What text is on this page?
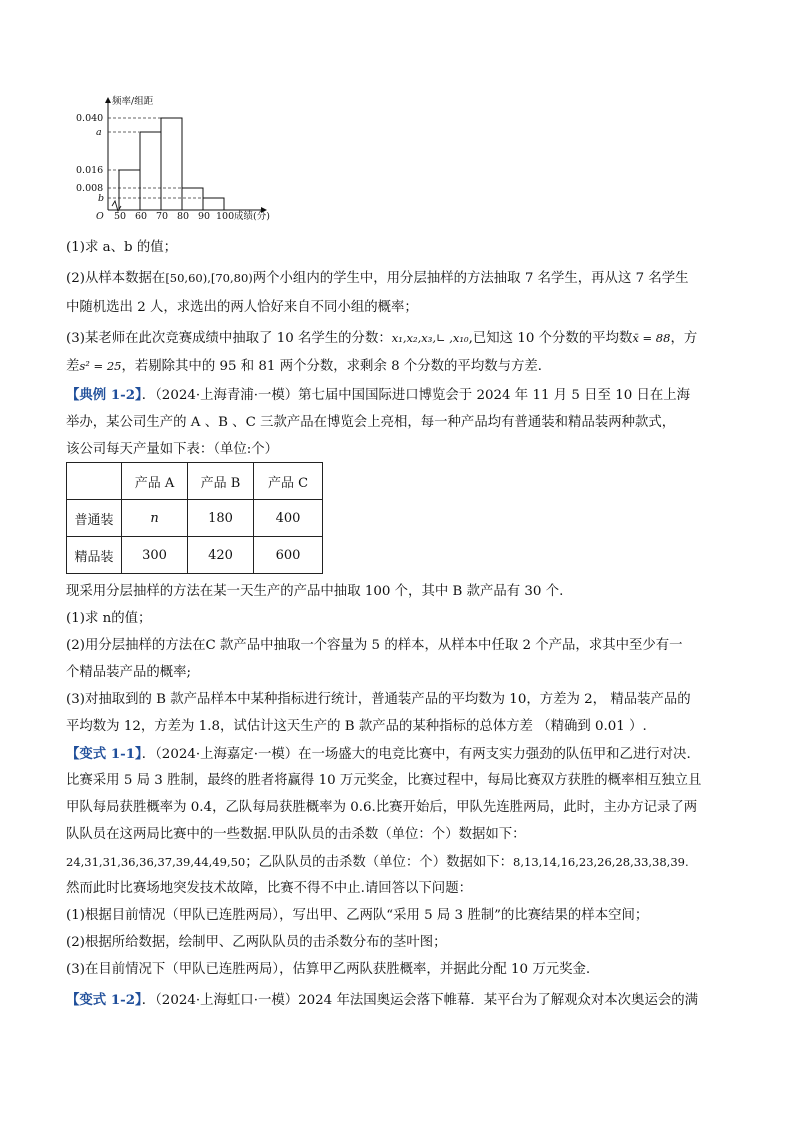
频率/组距
0.040
a
0.016
0.008
b
O 50 60 70 80 90 100 成绩(分)
(1)求 a、b 的值；
(2)从样本数据在[50,60),[70,80)两个小组内的学生中，用分层抽样的方法抽取 7 名学生，再从这 7 名学生
中随机选出 2 人，求选出的两人恰好来自不同小组的概率；
(3)某老师在此次竞赛成绩中抽取了 10 名学生的分数：x₁,x₂,x₃,∟ ,x₁₀,已知这 10 个分数的平均数x̄ = 88，方
差s² = 25，若剔除其中的 95 和 81 两个分数，求剩余 8 个分数的平均数与方差．
【典例 1-2】．（2024·上海青浦·一模）第七届中国国际进口博览会于 2024 年 11 月 5 日至 10 日在上海
举办，某公司生产的 A 、B 、C 三款产品在博览会上亮相，每一种产品均有普通装和精品装两种款式，
该公司每天产量如下表：（单位:个）
	产品 A	产品 B	产品 C
普通装	n	180	400
精品装	300	420	600
现采用分层抽样的方法在某一天生产的产品中抽取 100 个，其中 B 款产品有 30 个.
(1)求 n的值；
(2)用分层抽样的方法在C 款产品中抽取一个容量为 5 的样本，从样本中任取 2 个产品，求其中至少有一
个精品装产品的概率;
(3)对抽取到的 B 款产品样本中某种指标进行统计，普通装产品的平均数为 10，方差为 2， 精品装产品的
平均数为 12，方差为 1.8，试估计这天生产的 B 款产品的某种指标的总体方差 （精确到 0.01 ）.
【变式 1-1】．（2024·上海嘉定·一模）在一场盛大的电竞比赛中，有两支实力强劲的队伍甲和乙进行对决.
比赛采用 5 局 3 胜制，最终的胜者将赢得 10 万元奖金，比赛过程中，每局比赛双方获胜的概率相互独立且
甲队每局获胜概率为 0.4，乙队每局获胜概率为 0.6.比赛开始后，甲队先连胜两局，此时，主办方记录了两
队队员在这两局比赛中的一些数据.甲队队员的击杀数（单位：个）数据如下：
24,31,31,36,36,37,39,44,49,50；乙队队员的击杀数（单位：个）数据如下：8,13,14,16,23,26,28,33,38,39.
然而此时比赛场地突发技术故障，比赛不得不中止.请回答以下问题：
(1)根据目前情况（甲队已连胜两局），写出甲、乙两队“采用 5 局 3 胜制”的比赛结果的样本空间；
(2)根据所给数据，绘制甲、乙两队队员的击杀数分布的茎叶图；
(3)在目前情况下（甲队已连胜两局），估算甲乙两队获胜概率，并据此分配 10 万元奖金.
【变式 1-2】．（2024·上海虹口·一模）2024 年法国奥运会落下帷幕．某平台为了解观众对本次奥运会的满
